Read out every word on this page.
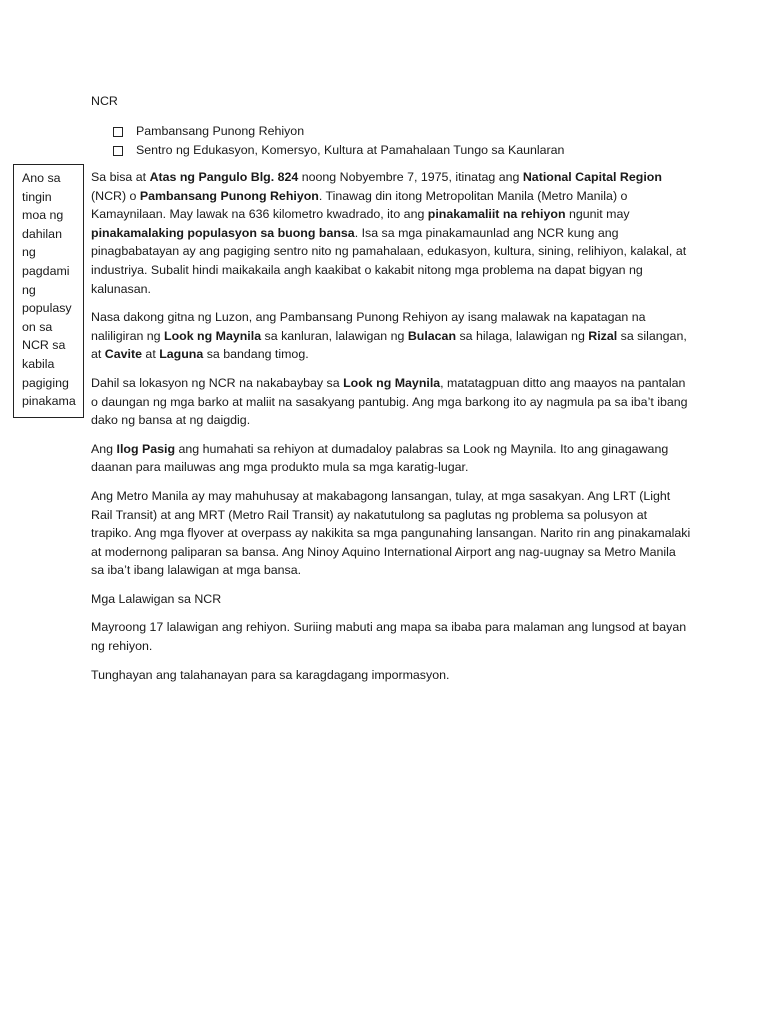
NCR
Pambansang Punong Rehiyon
Sentro ng Edukasyon, Komersyo, Kultura at Pamahalaan Tungo sa Kaunlaran
Ano sa
tingin
moa ng
dahilan
ng
pagdami
ng
populasy
on sa
NCR sa
kabila
pagiging
pinakama

Sa bisa at Atas ng Pangulo Blg. 824 noong Nobyembre 7, 1975, itinatag ang National Capital Region (NCR) o Pambansang Punong Rehiyon. Tinawag din itong Metropolitan Manila (Metro Manila) o Kamaynilaan. May lawak na 636 kilometro kwadrado, ito ang pinakamaliit na rehiyon ngunit may pinakamalaking populasyon sa buong bansa. Isa sa mga pinakamaunlad ang NCR kung ang pinagbabatayan ay ang pagiging sentro nito ng pamahalaan, edukasyon, kultura, sining, relihiyon, kalakal, at industriya. Subalit hindi maikakaila angh kaakibat o kakabit nitong mga problema na dapat bigyan ng kalunasan.

Nasa dakong gitna ng Luzon, ang Pambansang Punong Rehiyon ay isang malawak na kapatagan na naliligiran ng Look ng Maynila sa kanluran, lalawigan ng Bulacan sa hilaga, lalawigan ng Rizal sa silangan, at Cavite at Laguna sa bandang timog.

Dahil sa lokasyon ng NCR na nakabaybay sa Look ng Maynila, matatagpuan ditto ang maayos na pantalan o daungan ng mga barko at maliit na sasakyang pantubig. Ang mga barkong ito ay nagmula pa sa iba’t ibang dako ng bansa at ng daigdig.

Ang Ilog Pasig ang humahati sa rehiyon at dumadaloy palabras sa Look ng Maynila. Ito ang ginagawang daanan para mailuwas ang mga produkto mula sa mga karatig-lugar.

Ang Metro Manila ay may mahuhusay at makabagong lansangan, tulay, at mga sasakyan. Ang LRT (Light Rail Transit) at ang MRT (Metro Rail Transit) ay nakatutulong sa paglutas ng problema sa polusyon at trapiko. Ang mga flyover at overpass ay nakikita sa mga pangunahing lansangan. Narito rin ang pinakamalaki at modernong paliparan sa bansa. Ang Ninoy Aquino International Airport ang nag-uugnay sa Metro Manila sa iba’t ibang lalawigan at mga bansa.

Mga Lalawigan sa NCR

Mayroong 17 lalawigan ang rehiyon. Suriing mabuti ang mapa sa ibaba para malaman ang lungsod at bayan ng rehiyon.

Tunghayan ang talahanayan para sa karagdagang impormasyon.
